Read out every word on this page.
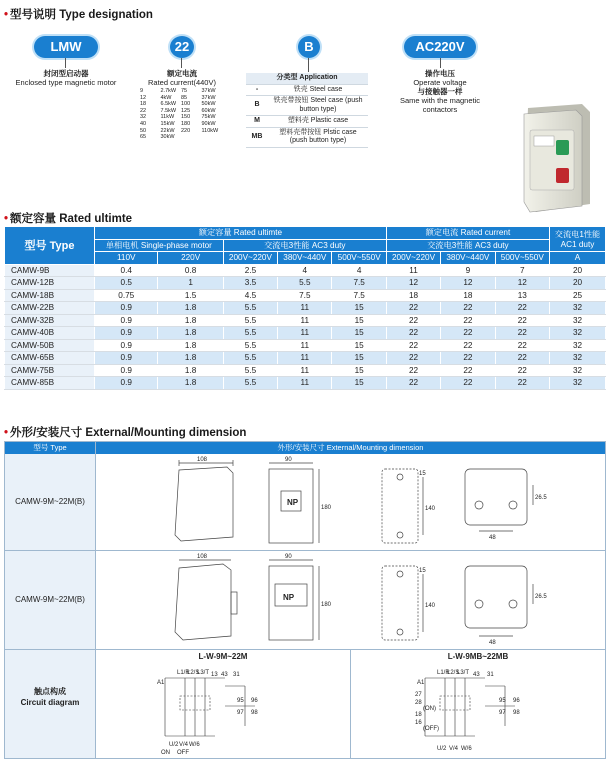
• 型号说明 Type designation
LMW
封闭型启动器
Enclosed type magnetic motor
22
额定电流
Rated current(440V)
9	2.7kW 75	37kW
12	4kW	85	37kW
18	6.5kW 100	50kW
22	7.5kW 125	60kW
32	11kW	150	75kW
40	15kW	180	90kW
50	22kW	220	110kW
65	30kW
B
分类型 Application	
-	铁壳 Steel case
B	铁壳带按钮 Steel case (push button type)
M	塑料壳 Plastic case
MB	塑料壳带按钮 Plstic case (push button type)
AC220V
操作电压
Operate voltage
与接触器一样
Same with the magnetic contactors
• 额定容量 Rated ultimte
型号 Type	额定容量 Rated ultimte					额定电流 Rated current			交流电1性能 AC1 duty
	单相电机 Single-phase motor		交流电3性能 AC3 duty			交流电3性能 AC3 duty			
	110V	220V	200V~220V	380V~440V	500V~550V	200V~220V	380V~440V	500V~550V	A
CAMW-9B	0.4	0.8	2.5	4	4	11	9	7	20
CAMW-12B	0.5	1	3.5	5.5	7.5	12	12	12	20
CAMW-18B	0.75	1.5	4.5	7.5	7.5	18	18	13	25
CAMW-22B	0.9	1.8	5.5	11	15	22	22	22	32
CAMW-32B	0.9	1.8	5.5	11	15	22	22	22	32
CAMW-40B	0.9	1.8	5.5	11	15	22	22	22	32
CAMW-50B	0.9	1.8	5.5	11	15	22	22	22	32
CAMW-65B	0.9	1.8	5.5	11	15	22	22	22	32
CAMW-75B	0.9	1.8	5.5	11	15	22	22	22	32
CAMW-85B	0.9	1.8	5.5	11	15	22	22	22	32
• 外形/安装尺寸 External/Mounting dimension
型号 Type	外形/安装尺寸 External/Mounting dimension
CAMW-9M~22M(B)
CAMW-9M~22M(B)
触点构成
Circuit diagram
108	90
NP
180
15
140
26.5
48
108	90
NP
180
15
140
26.5
48
L-W-9M~22M	L-W-9MB~22MB
A1
L1/R
L2/S
L3/T 13 43 31
95 96
97 98
U/2 V/4 W/6
ON OFF
A1
L1/R
L2/S
L3/T 43 31
27
28
18
16
(ON)
(OFF)
95 96
97 98
U/2 V/4 W/6
